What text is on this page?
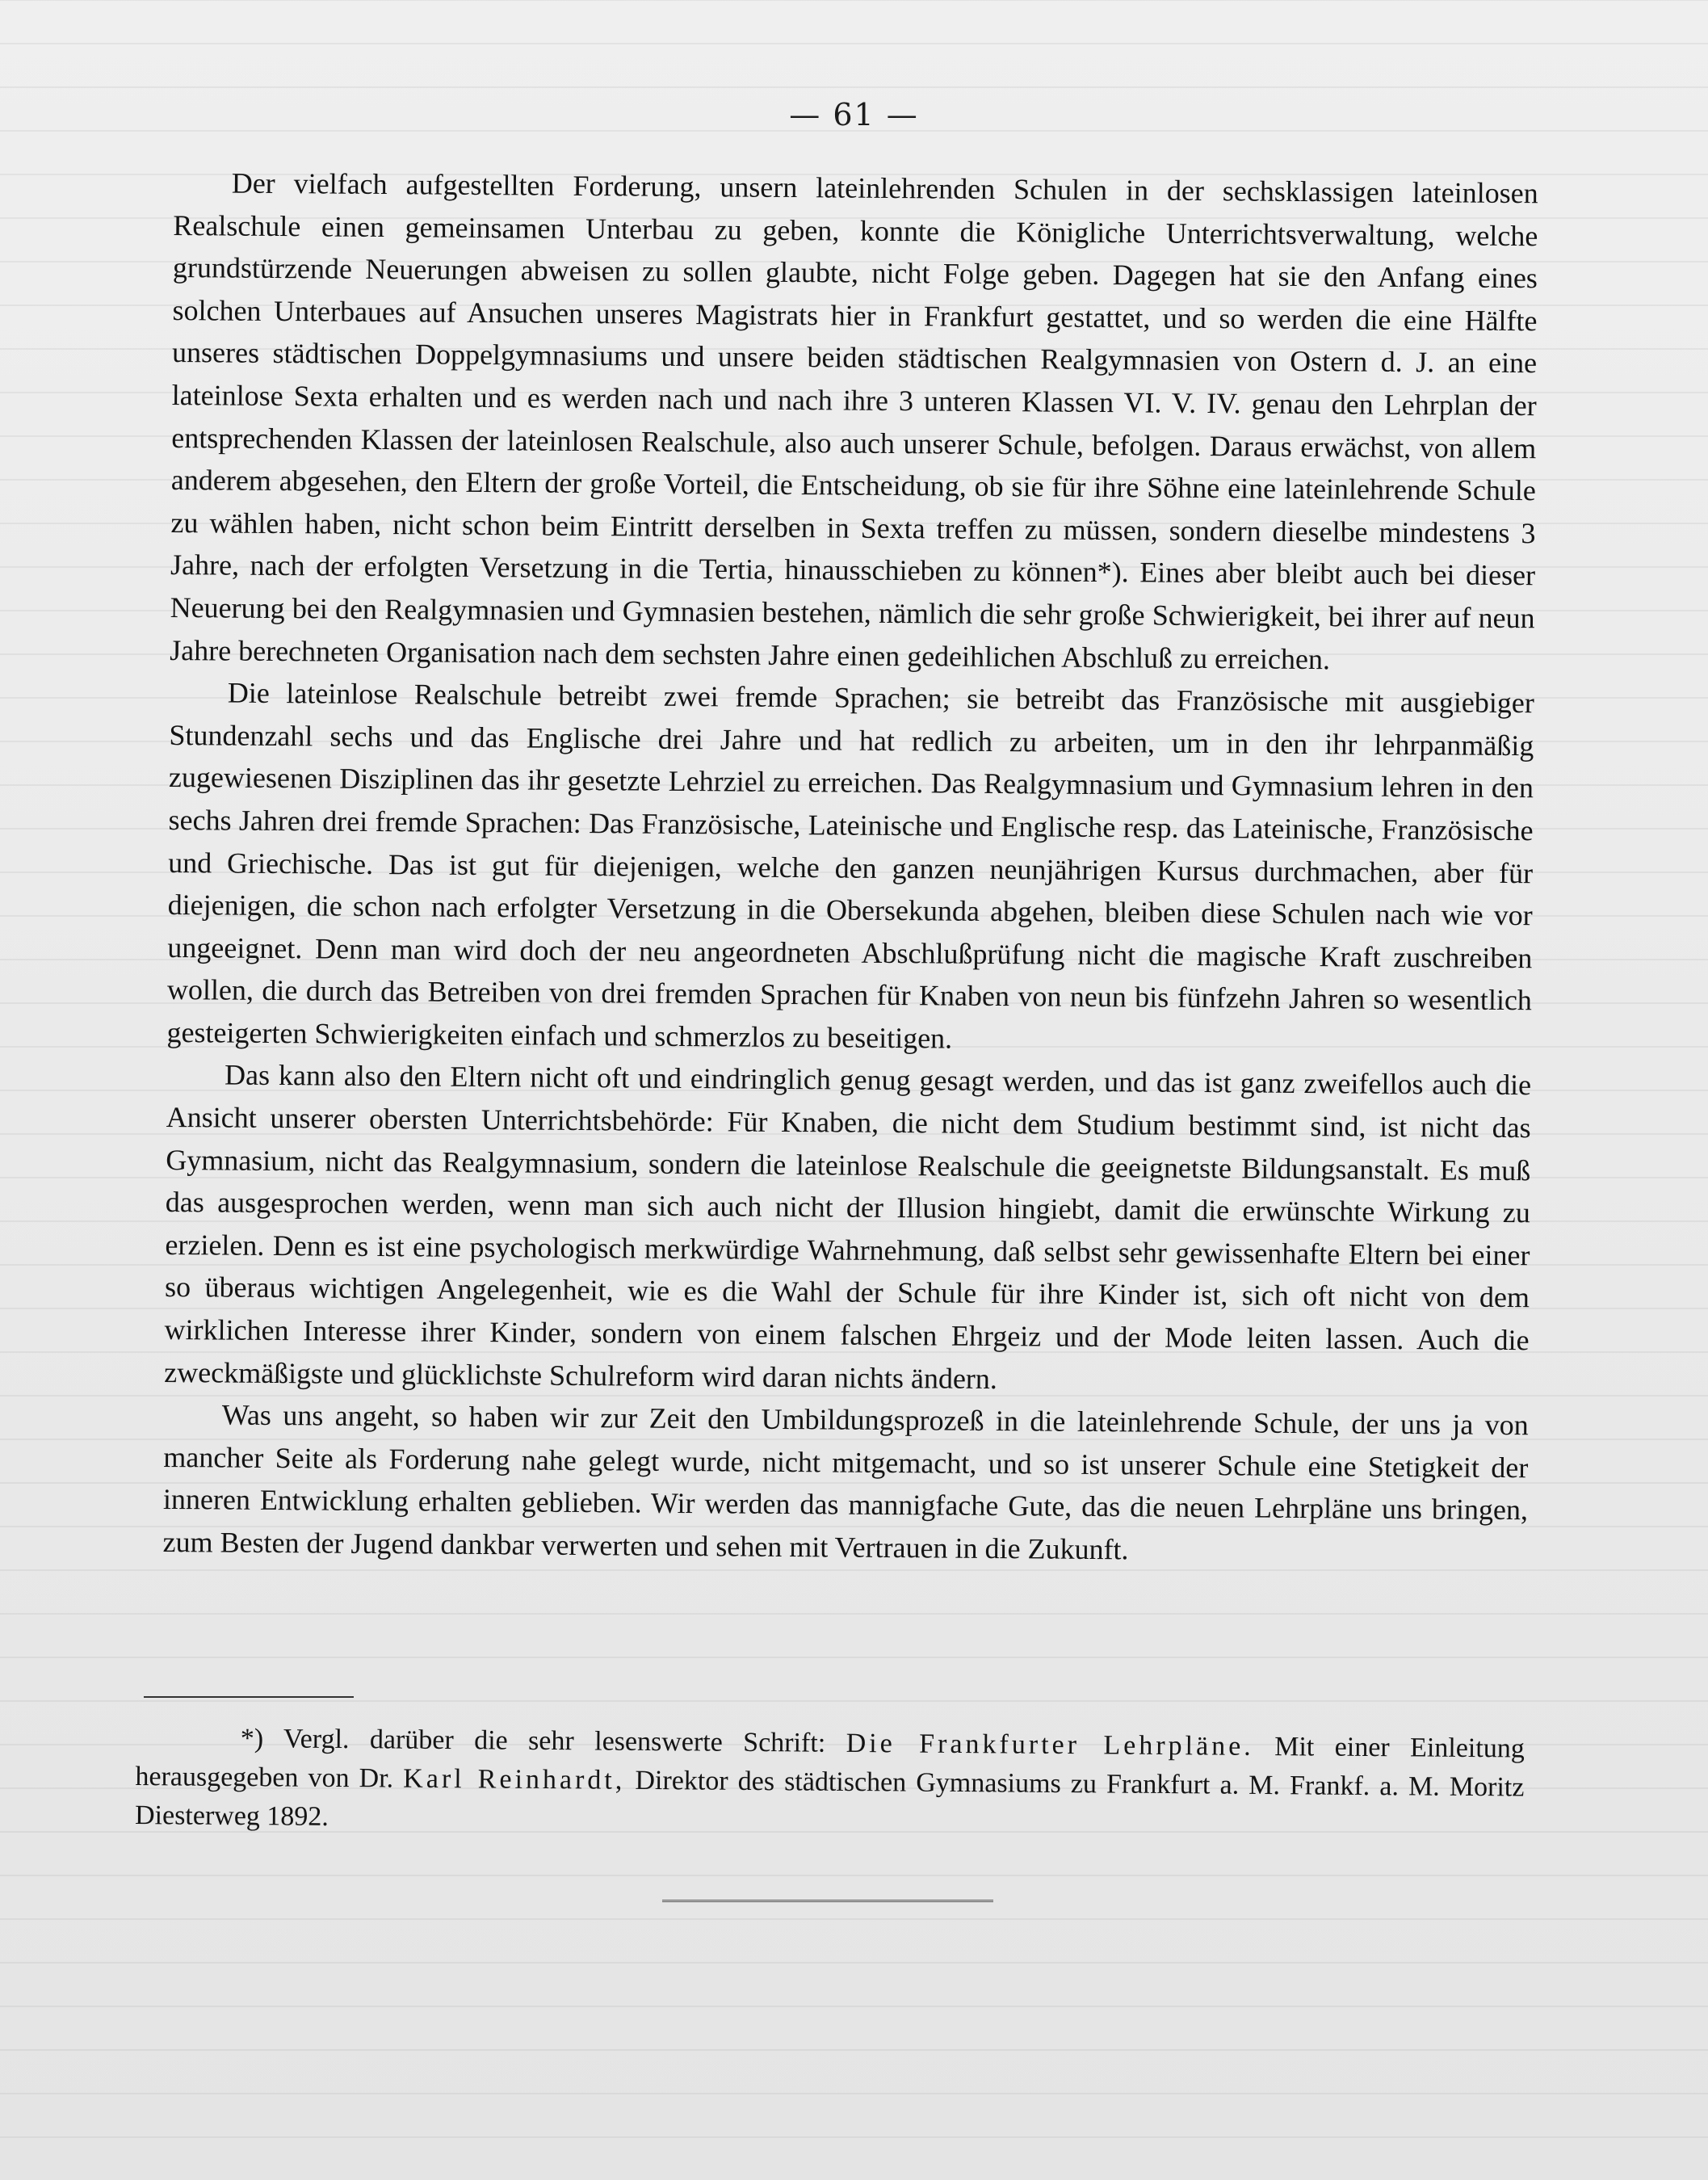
— 61 —

Der vielfach aufgestellten Forderung, unsern lateinlehrenden Schulen in der sechsklassigen lateinlosen Realschule einen gemeinsamen Unterbau zu geben, konnte die Königliche Unterrichtsverwaltung, welche grundstürzende Neuerungen abweisen zu sollen glaubte, nicht Folge geben. Dagegen hat sie den Anfang eines solchen Unterbaues auf Ansuchen unseres Magistrats hier in Frankfurt gestattet, und so werden die eine Hälfte unseres städtischen Doppelgymnasiums und unsere beiden städtischen Realgymnasien von Ostern d. J. an eine lateinlose Sexta erhalten und es werden nach und nach ihre 3 unteren Klassen VI. V. IV. genau den Lehrplan der entsprechenden Klassen der lateinlosen Realschule, also auch unserer Schule, befolgen. Daraus erwächst, von allem anderem abgesehen, den Eltern der große Vorteil, die Entscheidung, ob sie für ihre Söhne eine lateinlehrende Schule zu wählen haben, nicht schon beim Eintritt derselben in Sexta treffen zu müssen, sondern dieselbe mindestens 3 Jahre, nach der erfolgten Versetzung in die Tertia, hinausschieben zu können*). Eines aber bleibt auch bei dieser Neuerung bei den Realgymnasien und Gymnasien bestehen, nämlich die sehr große Schwierigkeit, bei ihrer auf neun Jahre berechneten Organisation nach dem sechsten Jahre einen gedeihlichen Abschluß zu erreichen.

Die lateinlose Realschule betreibt zwei fremde Sprachen; sie betreibt das Französische mit ausgiebiger Stundenzahl sechs und das Englische drei Jahre und hat redlich zu arbeiten, um in den ihr lehrpanmäßig zugewiesenen Disziplinen das ihr gesetzte Lehrziel zu erreichen. Das Realgymnasium und Gymnasium lehren in den sechs Jahren drei fremde Sprachen: Das Französische, Lateinische und Englische resp. das Lateinische, Französische und Griechische. Das ist gut für diejenigen, welche den ganzen neunjährigen Kursus durchmachen, aber für diejenigen, die schon nach erfolgter Versetzung in die Obersekunda abgehen, bleiben diese Schulen nach wie vor ungeeignet. Denn man wird doch der neu angeordneten Abschlußprüfung nicht die magische Kraft zuschreiben wollen, die durch das Betreiben von drei fremden Sprachen für Knaben von neun bis fünfzehn Jahren so wesentlich gesteigerten Schwierigkeiten einfach und schmerzlos zu beseitigen.

Das kann also den Eltern nicht oft und eindringlich genug gesagt werden, und das ist ganz zweifellos auch die Ansicht unserer obersten Unterrichtsbehörde: Für Knaben, die nicht dem Studium bestimmt sind, ist nicht das Gymnasium, nicht das Realgymnasium, sondern die lateinlose Realschule die geeignetste Bildungsanstalt. Es muß das ausgesprochen werden, wenn man sich auch nicht der Illusion hingiebt, damit die erwünschte Wirkung zu erzielen. Denn es ist eine psychologisch merkwürdige Wahrnehmung, daß selbst sehr gewissenhafte Eltern bei einer so überaus wichtigen Angelegenheit, wie es die Wahl der Schule für ihre Kinder ist, sich oft nicht von dem wirklichen Interesse ihrer Kinder, sondern von einem falschen Ehrgeiz und der Mode leiten lassen. Auch die zweckmäßigste und glücklichste Schulreform wird daran nichts ändern.

Was uns angeht, so haben wir zur Zeit den Umbildungsprozeß in die lateinlehrende Schule, der uns ja von mancher Seite als Forderung nahe gelegt wurde, nicht mitgemacht, und so ist unserer Schule eine Stetigkeit der inneren Entwicklung erhalten geblieben. Wir werden das mannigfache Gute, das die neuen Lehrpläne uns bringen, zum Besten der Jugend dankbar verwerten und sehen mit Vertrauen in die Zukunft.

*) Vergl. darüber die sehr lesenswerte Schrift: Die Frankfurter Lehrpläne. Mit einer Einleitung herausgegeben von Dr. Karl Reinhardt, Direktor des städtischen Gymnasiums zu Frankfurt a. M. Frankf. a. M. Moritz Diesterweg 1892.
